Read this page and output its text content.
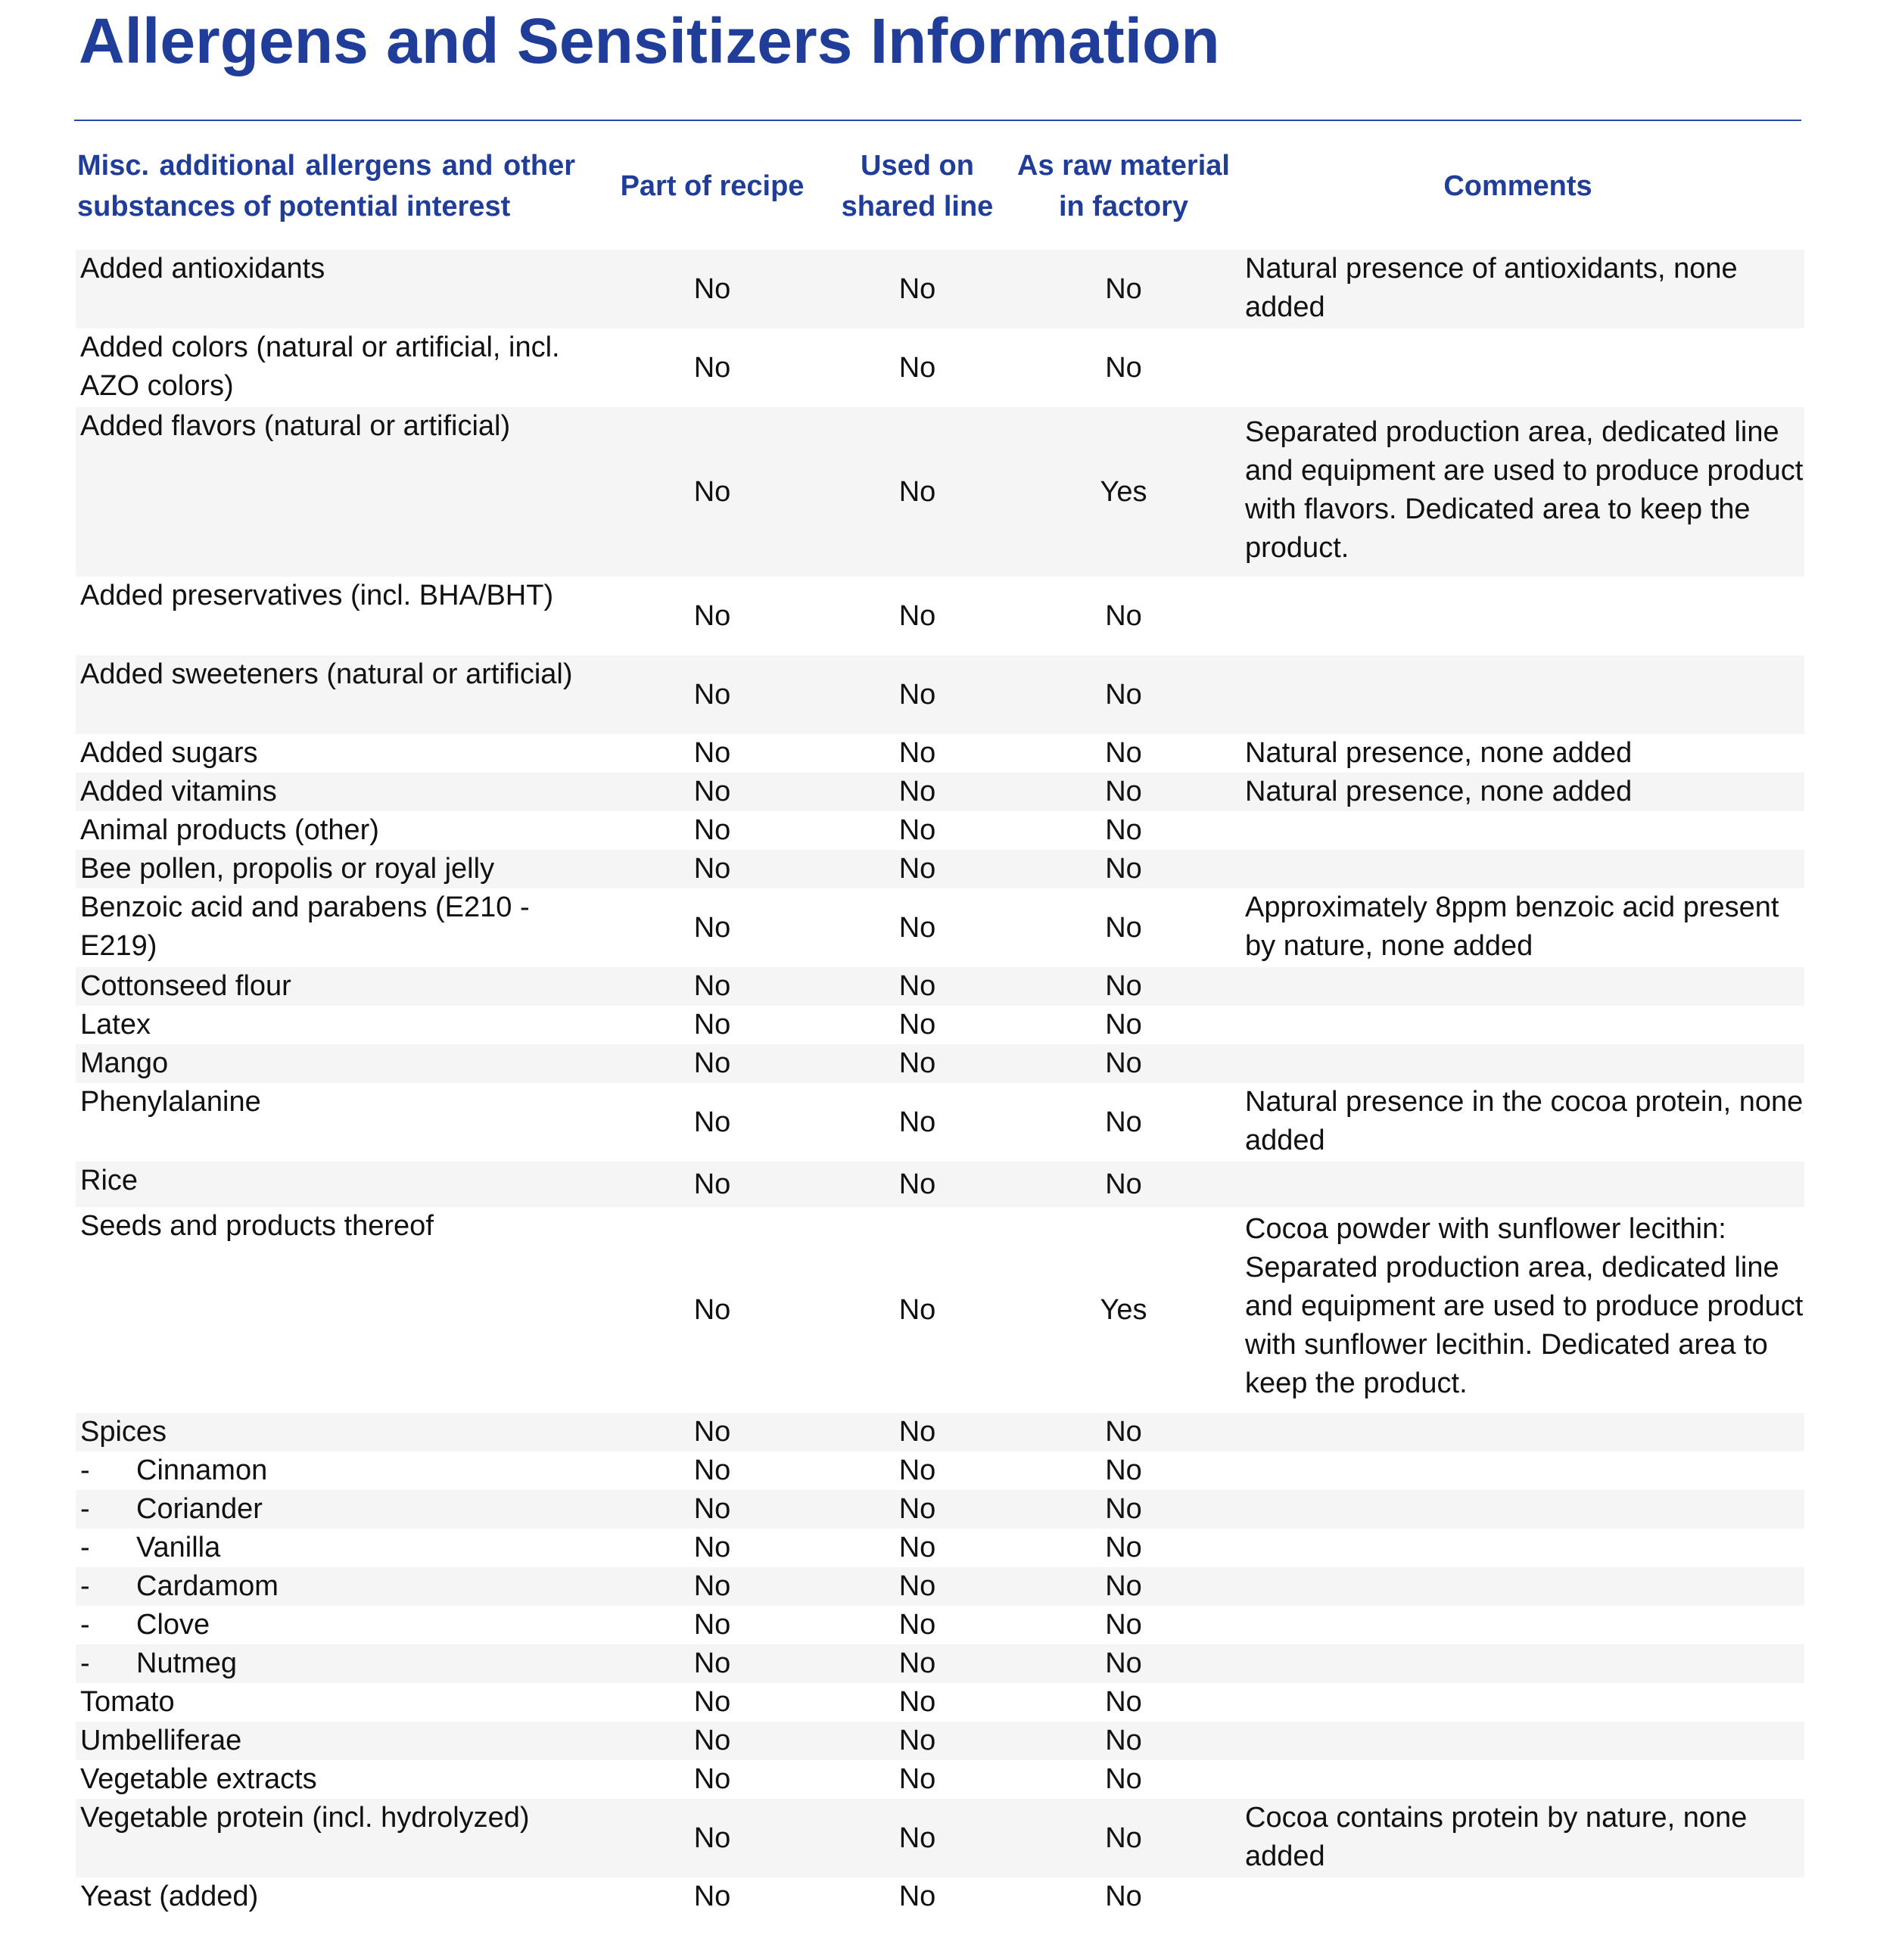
Allergens and Sensitizers Information
Misc. additional allergens and other substances of potential interest	Part of recipe	Used on shared line	As raw material in factory	Comments
Added antioxidants	No	No	No	Natural presence of antioxidants, none added
Added colors (natural or artificial, incl. AZO colors)	No	No	No	
Added flavors (natural or artificial)	No	No	Yes	Separated production area, dedicated line and equipment are used to produce product with flavors. Dedicated area to keep the product.
Added preservatives (incl. BHA/BHT)	No	No	No	
Added sweeteners (natural or artificial)	No	No	No	
Added sugars	No	No	No	Natural presence, none added
Added vitamins	No	No	No	Natural presence, none added
Animal products (other)	No	No	No	
Bee pollen, propolis or royal jelly	No	No	No	
Benzoic acid and parabens (E210 - E219)	No	No	No	Approximately 8ppm benzoic acid present by nature, none added
Cottonseed flour	No	No	No	
Latex	No	No	No	
Mango	No	No	No	
Phenylalanine	No	No	No	Natural presence in the cocoa protein, none added
Rice	No	No	No	
Seeds and products thereof	No	No	Yes	Cocoa powder with sunflower lecithin: Separated production area, dedicated line and equipment are used to produce product with sunflower lecithin. Dedicated area to keep the product.
Spices	No	No	No	
- Cinnamon	No	No	No	
- Coriander	No	No	No	
- Vanilla	No	No	No	
- Cardamom	No	No	No	
- Clove	No	No	No	
- Nutmeg	No	No	No	
Tomato	No	No	No	
Umbelliferae	No	No	No	
Vegetable extracts	No	No	No	
Vegetable protein (incl. hydrolyzed)	No	No	No	Cocoa contains protein by nature, none added
Yeast (added)	No	No	No	
